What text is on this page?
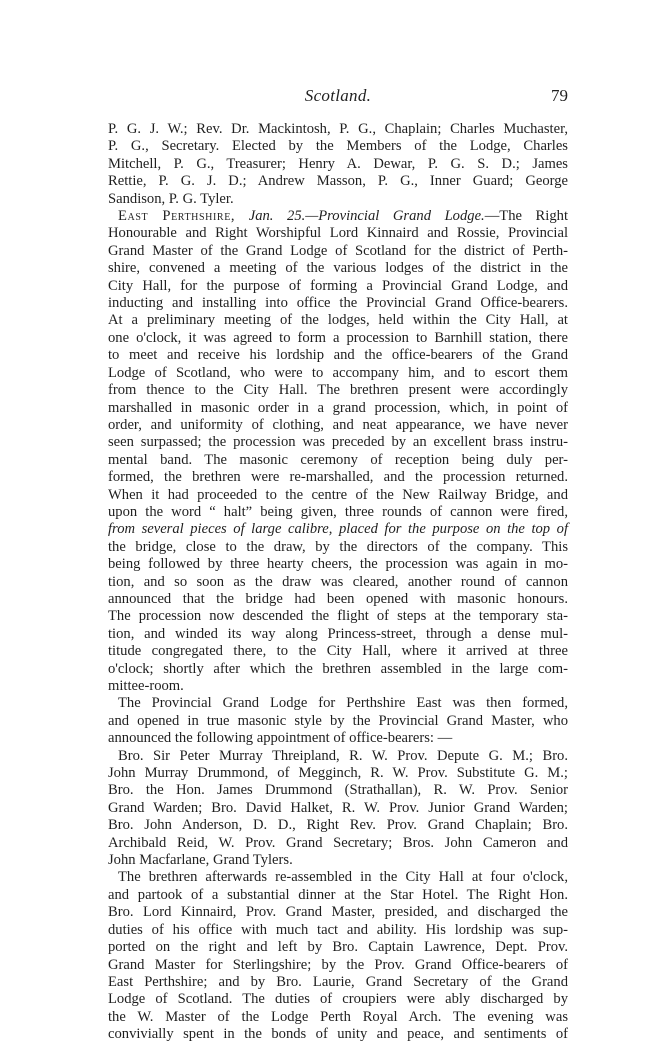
Scotland.	79
P. G. J. W.; Rev. Dr. Mackintosh, P. G., Chaplain; Charles Muchaster,
P. G., Secretary. Elected by the Members of the Lodge, Charles
Mitchell, P. G., Treasurer; Henry A. Dewar, P. G. S. D.; James
Rettie, P. G. J. D.; Andrew Masson, P. G., Inner Guard; George
Sandison, P. G. Tyler.
East Perthshire, Jan. 25.—Provincial Grand Lodge.—The Right
Honourable and Right Worshipful Lord Kinnaird and Rossie, Provincial
Grand Master of the Grand Lodge of Scotland for the district of Perth-
shire, convened a meeting of the various lodges of the district in the
City Hall, for the purpose of forming a Provincial Grand Lodge, and
inducting and installing into office the Provincial Grand Office-bearers.
At a preliminary meeting of the lodges, held within the City Hall, at
one o'clock, it was agreed to form a procession to Barnhill station, there
to meet and receive his lordship and the office-bearers of the Grand
Lodge of Scotland, who were to accompany him, and to escort them
from thence to the City Hall. The brethren present were accordingly
marshalled in masonic order in a grand procession, which, in point of
order, and uniformity of clothing, and neat appearance, we have never
seen surpassed; the procession was preceded by an excellent brass instru-
mental band. The masonic ceremony of reception being duly per-
formed, the brethren were re-marshalled, and the procession returned.
When it had proceeded to the centre of the New Railway Bridge, and
upon the word “ halt” being given, three rounds of cannon were fired,
from several pieces of large calibre, placed for the purpose on the top of
the bridge, close to the draw, by the directors of the company. This
being followed by three hearty cheers, the procession was again in mo-
tion, and so soon as the draw was cleared, another round of cannon
announced that the bridge had been opened with masonic honours.
The procession now descended the flight of steps at the temporary sta-
tion, and winded its way along Princess-street, through a dense mul-
titude congregated there, to the City Hall, where it arrived at three
o'clock; shortly after which the brethren assembled in the large com-
mittee-room.
The Provincial Grand Lodge for Perthshire East was then formed,
and opened in true masonic style by the Provincial Grand Master, who
announced the following appointment of office-bearers: —
Bro. Sir Peter Murray Threipland, R. W. Prov. Depute G. M.; Bro.
John Murray Drummond, of Megginch, R. W. Prov. Substitute G. M.;
Bro. the Hon. James Drummond (Strathallan), R. W. Prov. Senior
Grand Warden; Bro. David Halket, R. W. Prov. Junior Grand Warden;
Bro. John Anderson, D. D., Right Rev. Prov. Grand Chaplain; Bro.
Archibald Reid, W. Prov. Grand Secretary; Bros. John Cameron and
John Macfarlane, Grand Tylers.
The brethren afterwards re-assembled in the City Hall at four o'clock,
and partook of a substantial dinner at the Star Hotel. The Right Hon.
Bro. Lord Kinnaird, Prov. Grand Master, presided, and discharged the
duties of his office with much tact and ability. His lordship was sup-
ported on the right and left by Bro. Captain Lawrence, Dept. Prov.
Grand Master for Sterlingshire; by the Prov. Grand Office-bearers of
East Perthshire; and by Bro. Laurie, Grand Secretary of the Grand
Lodge of Scotland. The duties of croupiers were ably discharged by
the W. Master of the Lodge Perth Royal Arch. The evening was
convivially spent in the bonds of unity and peace, and sentiments of
